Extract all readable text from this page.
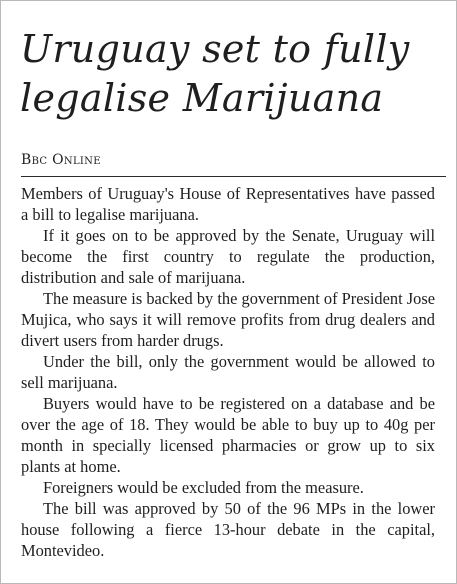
Uruguay set to fully legalise Marijuana
Bbc Online

Members of Uruguay's House of Representatives have passed a bill to legalise marijuana.

If it goes on to be approved by the Senate, Uruguay will become the first country to regulate the production, distribution and sale of marijuana.

The measure is backed by the government of President Jose Mujica, who says it will remove profits from drug dealers and divert users from harder drugs.

Under the bill, only the government would be allowed to sell marijuana.

Buyers would have to be registered on a database and be over the age of 18. They would be able to buy up to 40g per month in specially licensed pharmacies or grow up to six plants at home.

Foreigners would be excluded from the measure.

The bill was approved by 50 of the 96 MPs in the lower house following a fierce 13-hour debate in the capital, Montevideo.
